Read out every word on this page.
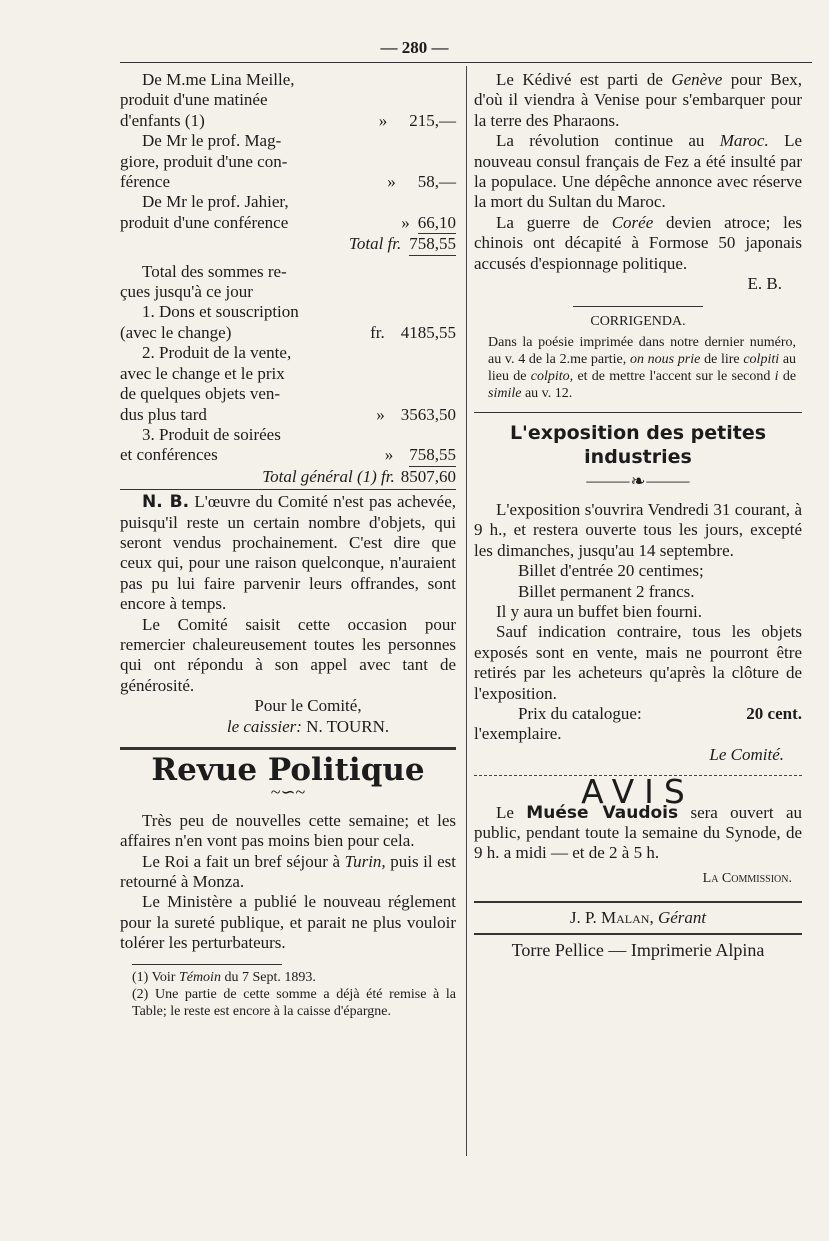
— 280 —
De M.me Lina Meille,
produit d'une matinée
d'enfants (1)	» 215,—
De Mr le prof. Mag-
giore, produit d'une con-
férence	» 58,—
De Mr le prof. Jahier,
produit d'une conférence	» 66,10
Total fr. 758,55
Total des sommes re-
çues jusqu'à ce jour
1. Dons et souscription
(avec le change)	fr. 4185,55
2. Produit de la vente,
avec le change et le prix
de quelques objets ven-
dus plus tard	» 3563,50
3. Produit de soirées
et conférences	» 758,55
Total général (1) fr. 8507,60
N. B. L'œuvre du Comité n'est pas achevée, puisqu'il reste un certain nombre d'objets, qui seront vendus prochainement. C'est dire que ceux qui, pour une raison quelconque, n'auraient pas pu lui faire parvenir leurs offrandes, sont encore à temps.
Le Comité saisit cette occasion pour remercier chaleureusement toutes les personnes qui ont répondu à son appel avec tant de générosité.
Pour le Comité,
le caissier: N. TOURN.
Revue Politique
~∽~
Très peu de nouvelles cette semaine; et les affaires n'en vont pas moins bien pour cela.
Le Roi a fait un bref séjour à Turin, puis il est retourné à Monza.
Le Ministère a publié le nouveau réglement pour la sureté publique, et parait ne plus vouloir tolérer les perturbateurs.
(1) Voir Témoin du 7 Sept. 1893.
(2) Une partie de cette somme a déjà été remise à la Table; le reste est encore à la caisse d'épargne.
Le Kédivé est parti de Genève pour Bex, d'où il viendra à Venise pour s'embarquer pour la terre des Pharaons.
La révolution continue au Maroc. Le nouveau consul français de Fez a été insulté par la populace. Une dépêche annonce avec réserve la mort du Sultan du Maroc.
La guerre de Corée devien atroce; les chinois ont décapité à Formose 50 japonais accusés d'espionnage politique.
E. B.
CORRIGENDA.
Dans la poésie imprimée dans notre dernier numéro, au v. 4 de la 2.me partie, on nous prie de lire colpiti au lieu de colpito, et de mettre l'accent sur le second i de simile au v. 12.
L'exposition des petites
industries
⸻❧⸻
L'exposition s'ouvrira Vendredi 31 courant, à 9 h., et restera ouverte tous les jours, excepté les dimanches, jusqu'au 14 septembre.
Billet d'entrée 20 centimes;
Billet permanent 2 francs.
Il y aura un buffet bien fourni.
Sauf indication contraire, tous les objets exposés sont en vente, mais ne pourront être retirés par les acheteurs qu'après la clôture de l'exposition.
Prix du catalogue:	20 cent.
l'exemplaire.
Le Comité.
AVIS
Le Muése Vaudois sera ouvert au public, pendant toute la semaine du Synode, de 9 h. a midi — et de 2 à 5 h.
La Commission.
J. P. Malan, Gérant
Torre Pellice — Imprimerie Alpina
